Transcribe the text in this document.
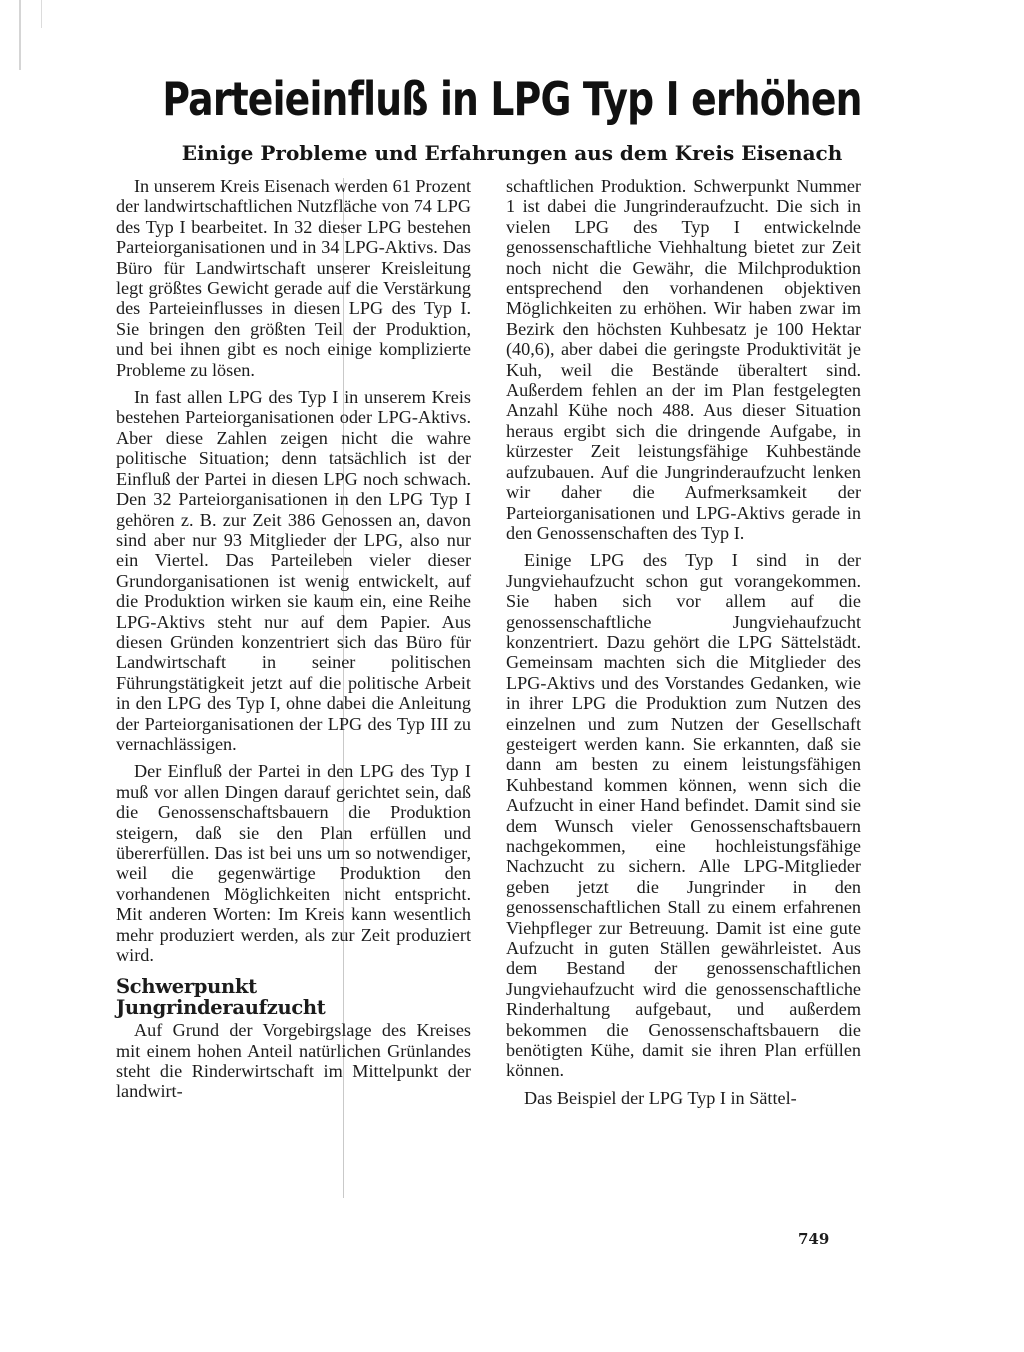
Parteieinfluß in LPG Typ I erhöhen
Einige Probleme und Erfahrungen aus dem Kreis Eisenach

In unserem Kreis Eisenach werden 61 Prozent der landwirtschaftlichen Nutzfläche von 74 LPG des Typ I bearbeitet. In 32 dieser LPG bestehen Parteiorganisationen und in 34 LPG-Aktivs. Das Büro für Landwirtschaft unserer Kreisleitung legt größtes Gewicht gerade auf die Verstärkung des Parteieinflusses in diesen LPG des Typ I. Sie bringen den größten Teil der Produktion, und bei ihnen gibt es noch einige komplizierte Probleme zu lösen.

In fast allen LPG des Typ I in unserem Kreis bestehen Parteiorganisationen oder LPG-Aktivs. Aber diese Zahlen zeigen nicht die wahre politische Situation; denn tatsächlich ist der Einfluß der Partei in diesen LPG noch schwach. Den 32 Parteiorganisationen in den LPG Typ I gehören z. B. zur Zeit 386 Genossen an, davon sind aber nur 93 Mitglieder der LPG, also nur ein Viertel. Das Parteileben vieler dieser Grundorganisationen ist wenig entwickelt, auf die Produktion wirken sie kaum ein, eine Reihe LPG-Aktivs steht nur auf dem Papier. Aus diesen Gründen konzentriert sich das Büro für Landwirtschaft in seiner politischen Führungstätigkeit jetzt auf die politische Arbeit in den LPG des Typ I, ohne dabei die Anleitung der Parteiorganisationen der LPG des Typ III zu vernachlässigen.

Der Einfluß der Partei in den LPG des Typ I muß vor allen Dingen darauf gerichtet sein, daß die Genossenschaftsbauern die Produktion steigern, daß sie den Plan erfüllen und übererfüllen. Das ist bei uns um so notwendiger, weil die gegenwärtige Produktion den vorhandenen Möglichkeiten nicht entspricht. Mit anderen Worten: Im Kreis kann wesentlich mehr produziert werden, als zur Zeit produziert wird.

Schwerpunkt Jungrinderaufzucht

Auf Grund der Vorgebirgslage des Kreises mit einem hohen Anteil natürlichen Grünlandes steht die Rinderwirtschaft im Mittelpunkt der landwirt-

schaftlichen Produktion. Schwerpunkt Nummer 1 ist dabei die Jungrinderaufzucht. Die sich in vielen LPG des Typ I entwickelnde genossenschaftliche Viehhaltung bietet zur Zeit noch nicht die Gewähr, die Milchproduktion entsprechend den vorhandenen objektiven Möglichkeiten zu erhöhen. Wir haben zwar im Bezirk den höchsten Kuhbesatz je 100 Hektar (40,6), aber dabei die geringste Produktivität je Kuh, weil die Bestände überaltert sind. Außerdem fehlen an der im Plan festgelegten Anzahl Kühe noch 488. Aus dieser Situation heraus ergibt sich die dringende Aufgabe, in kürzester Zeit leistungsfähige Kuhbestände aufzubauen. Auf die Jungrinderaufzucht lenken wir daher die Aufmerksamkeit der Parteiorganisationen und LPG-Aktivs gerade in den Genossenschaften des Typ I.

Einige LPG des Typ I sind in der Jungviehaufzucht schon gut vorangekommen. Sie haben sich vor allem auf die genossenschaftliche Jungviehaufzucht konzentriert. Dazu gehört die LPG Sättelstädt. Gemeinsam machten sich die Mitglieder des LPG-Aktivs und des Vorstandes Gedanken, wie in ihrer LPG die Produktion zum Nutzen des einzelnen und zum Nutzen der Gesellschaft gesteigert werden kann. Sie erkannten, daß sie dann am besten zu einem leistungsfähigen Kuhbestand kommen können, wenn sich die Aufzucht in einer Hand befindet. Damit sind sie dem Wunsch vieler Genossenschaftsbauern nachgekommen, eine hochleistungsfähige Nachzucht zu sichern. Alle LPG-Mitglieder geben jetzt die Jungrinder in den genossenschaftlichen Stall zu einem erfahrenen Viehpfleger zur Betreuung. Damit ist eine gute Aufzucht in guten Ställen gewährleistet. Aus dem Bestand der genossenschaftlichen Jungviehaufzucht wird die genossenschaftliche Rinderhaltung aufgebaut, und außerdem bekommen die Genossenschaftsbauern die benötigten Kühe, damit sie ihren Plan erfüllen können.

Das Beispiel der LPG Typ I in Sättel-

749
